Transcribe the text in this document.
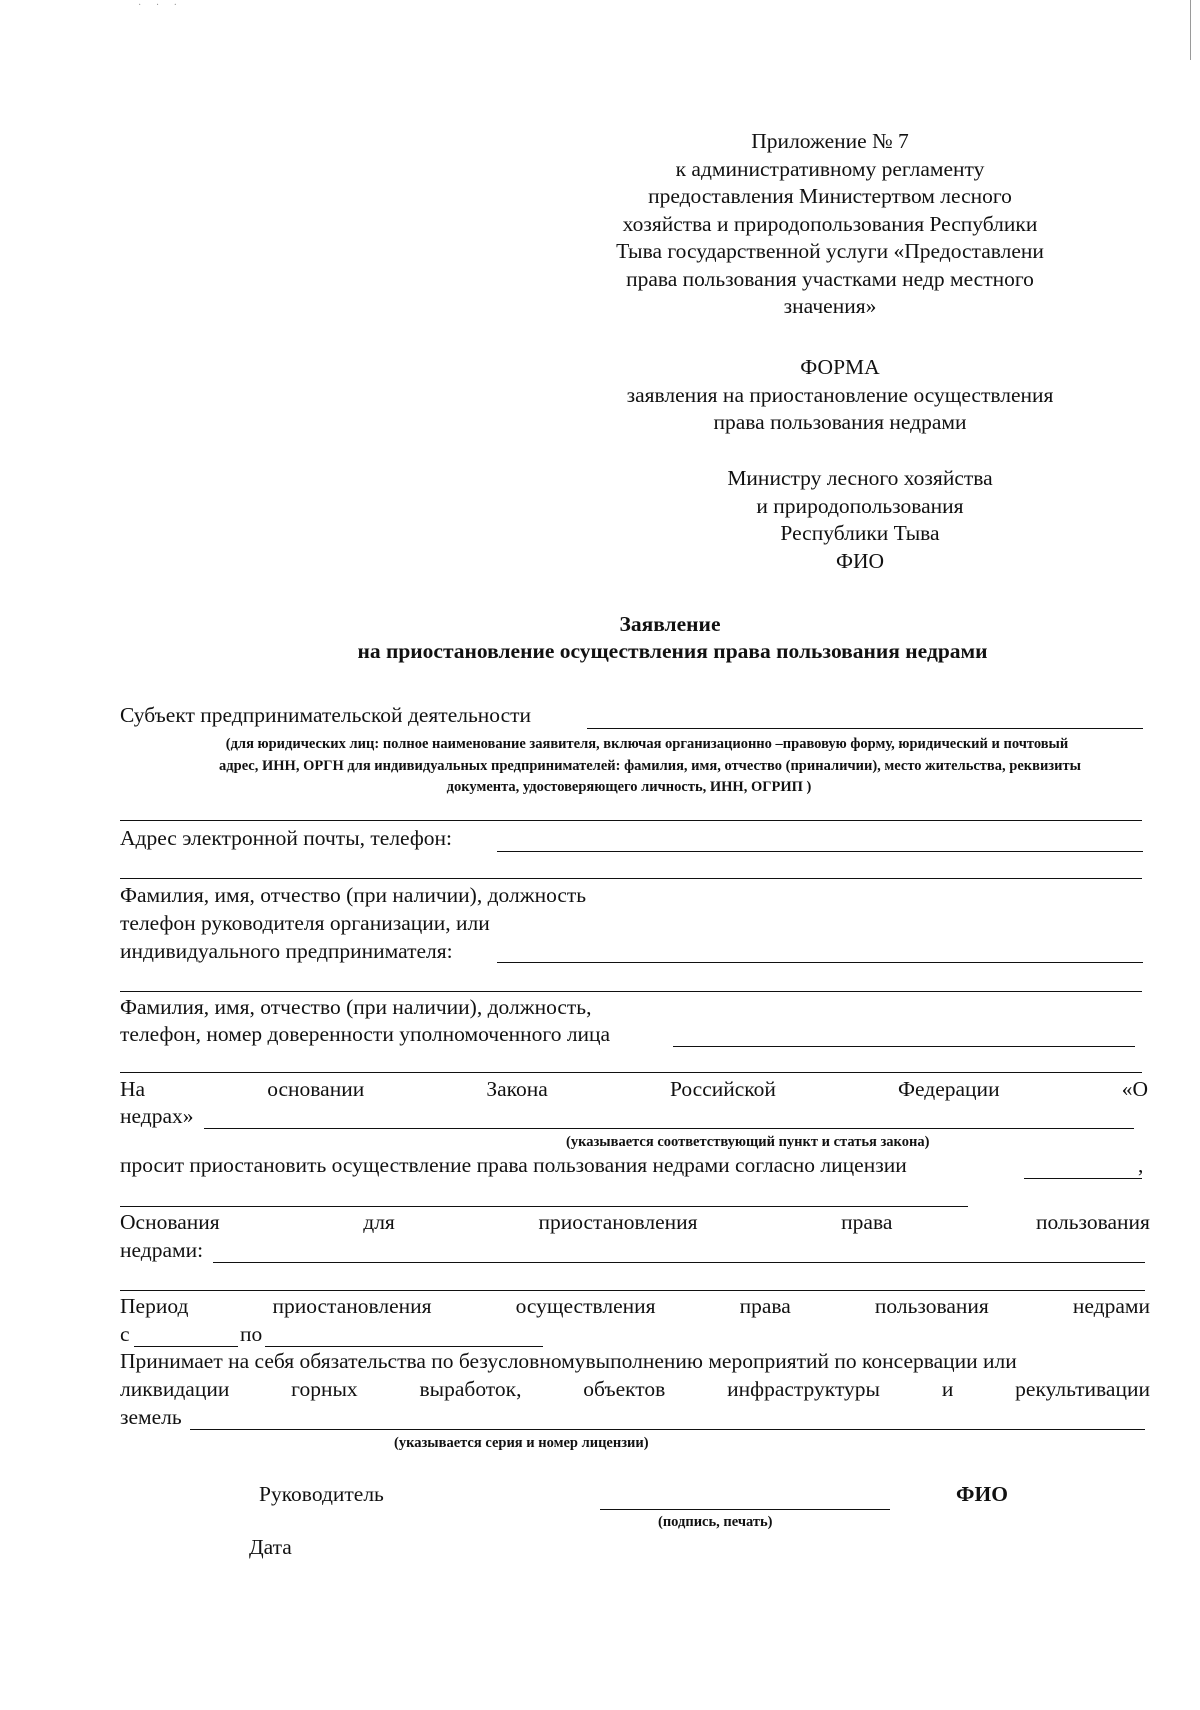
· · ·
Приложение № 7
к административному регламенту
предоставления Министертвом лесного
хозяйства и природопользования Республики
Тыва государственной услуги «Предоставлени
права пользования участками недр местного
значения»
ФОРМА
заявления на приостановление осуществления
права пользования недрами
Министру лесного хозяйства
и природопользования
Республики Тыва
ФИО
Заявление
на приостановление осуществления права пользования недрами
Субъект предпринимательской деятельности
(для юридических лиц: полное наименование заявителя, включая организационно –правовую форму, юридический и почтовый
адрес, ИНН, ОРГН для индивидуальных предпринимателей: фамилия, имя, отчество (приналичии), место жительства, реквизиты
документа, удостоверяющего личность, ИНН, ОГРИП )
Адрес электронной почты, телефон:
Фамилия, имя, отчество (при наличии), должность
телефон руководителя организации, или
индивидуального предпринимателя:
Фамилия, имя, отчество (при наличии), должность,
телефон, номер доверенности уполномоченного лица
На	основании	Закона	Российской	Федерации	«О
недрах»
(указывается соответствующий пункт и статья закона)
просит приостановить осуществление права пользования недрами согласно лицензии	,
Основания	для	приостановления	права	пользования
недрами:
Период	приостановления	осуществления	права	пользования	недрами
с	по
Принимает на себя обязательства по безусловномувыполнению мероприятий по консервации или
ликвидации	горных	выработок,	объектов	инфраструктуры	и	рекультивации
земель
(указывается серия и номер лицензии)
Руководитель	ФИО
(подпись, печать)
Дата
